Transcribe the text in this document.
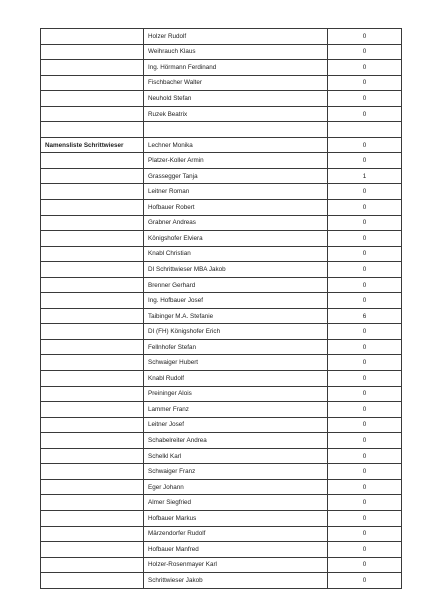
	Holzer Rudolf	0
	Weihrauch Klaus	0
	Ing. Hörmann Ferdinand	0
	Fischbacher Walter	0
	Neuhold Stefan	0
	Ruzek Beatrix	0

Namensliste Schrittwieser	Lechner Monika	0
	Platzer-Koller Armin	0
	Grassegger Tanja	1
	Leitner Roman	0
	Hofbauer Robert	0
	Grabner Andreas	0
	Königshofer Elviera	0
	Knabl Christian	0
	DI Schrittwieser MBA Jakob	0
	Brenner Gerhard	0
	Ing. Hofbauer Josef	0
	Taibinger M.A. Stefanie	6
	DI (FH) Königshofer Erich	0
	Fellnhofer Stefan	0
	Schwaiger Hubert	0
	Knabl Rudolf	0
	Preininger Alois	0
	Lammer Franz	0
	Leitner Josef	0
	Schabelreiter Andrea	0
	Schelkl Karl	0
	Schwaiger Franz	0
	Eger Johann	0
	Almer Siegfried	0
	Hofbauer Markus	0
	Märzendorfer Rudolf	0
	Hofbauer Manfred	0
	Holzer-Rosenmayer Karl	0
	Schrittwieser Jakob	0
